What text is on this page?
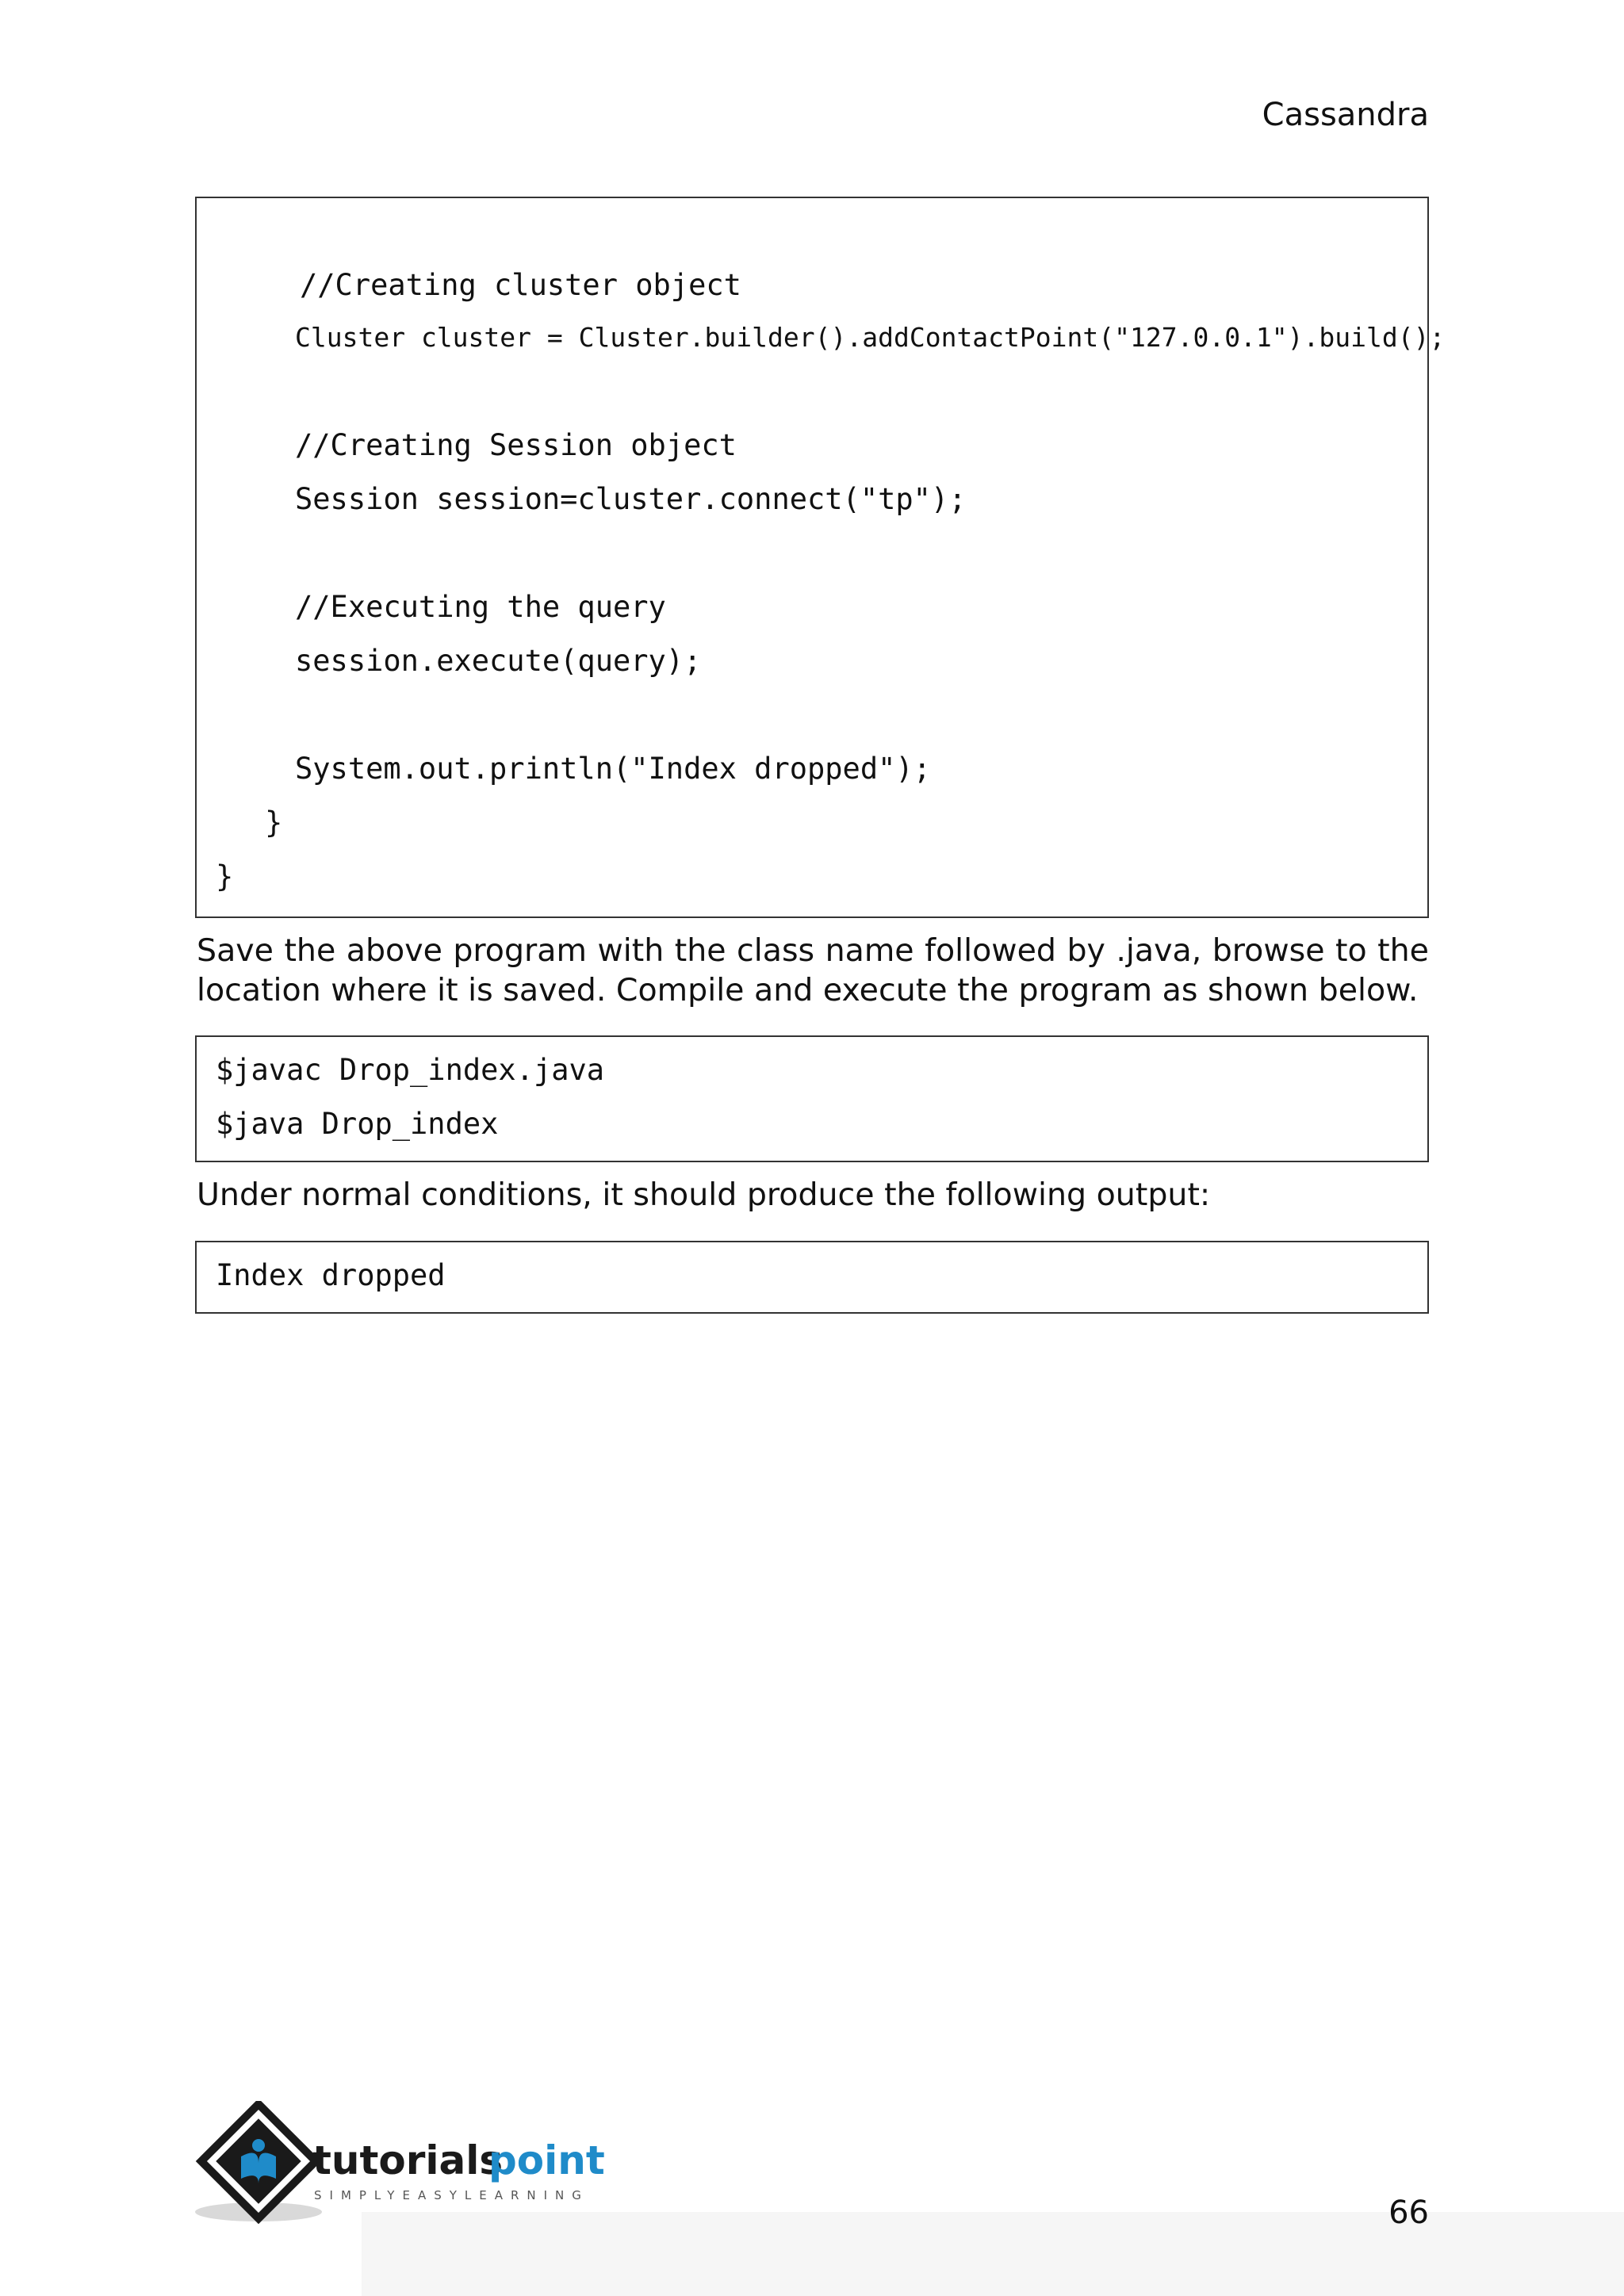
Cassandra
//Creating cluster object
Cluster cluster = Cluster.builder().addContactPoint("127.0.0.1").build();
//Creating Session object
Session session=cluster.connect("tp");
//Executing the query
session.execute(query);
System.out.println("Index dropped");
}
}

Save the above program with the class name followed by .java, browse to the location where it is saved. Compile and execute the program as shown below.

$javac Drop_index.java
$java Drop_index

Under normal conditions, it should produce the following output:

Index dropped
tutorials
point
SIMPLYEASYLEARNING	66
